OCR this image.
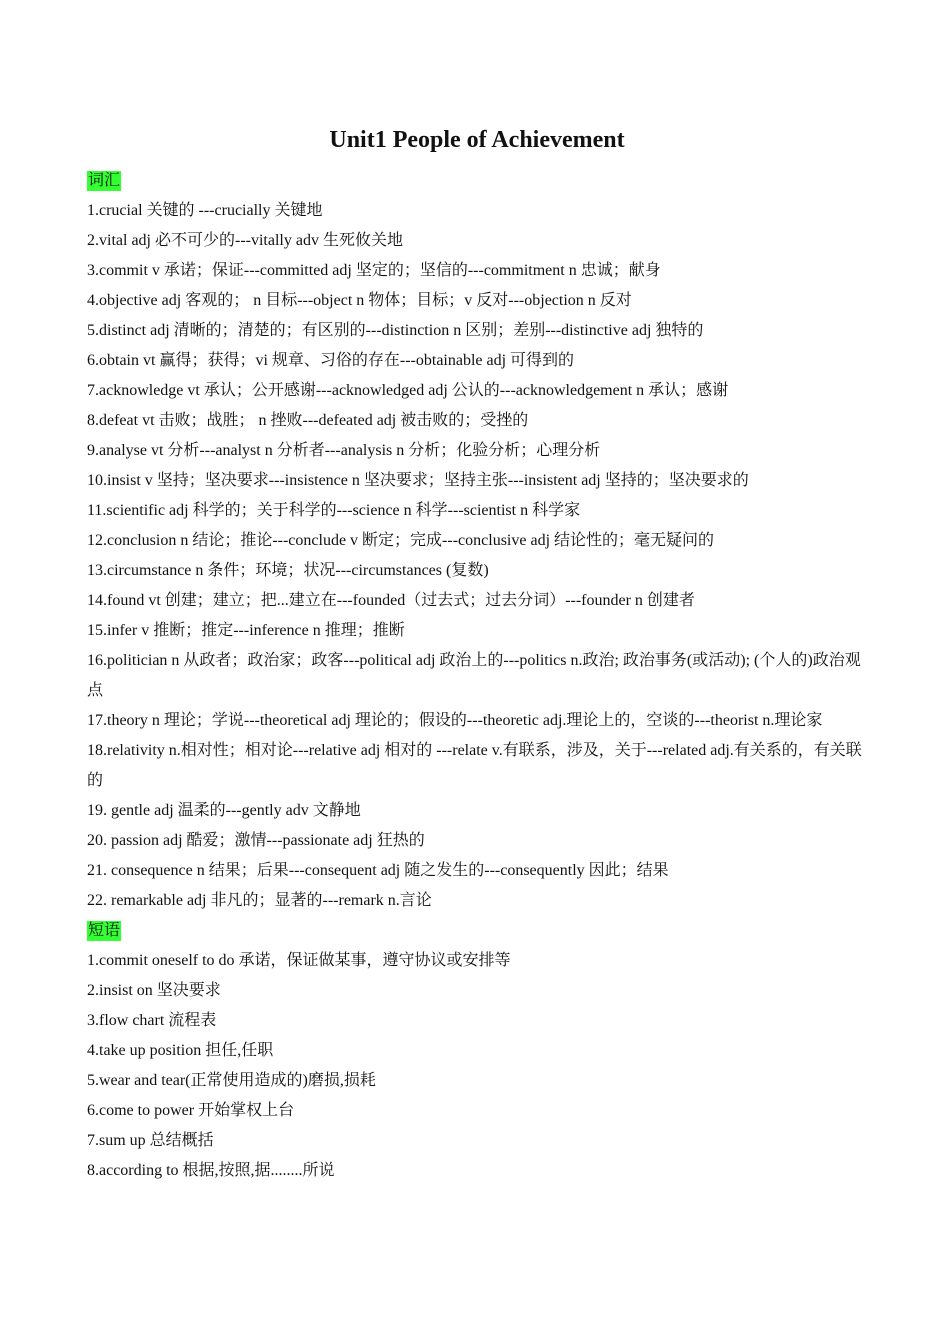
Unit1 People of Achievement
词汇

1.crucial 关键的 ---crucially 关键地

2.vital adj 必不可少的---vitally adv 生死攸关地

3.commit v 承诺；保证---committed adj 坚定的；坚信的---commitment n 忠诚；献身

4.objective adj 客观的； n 目标---object n 物体；目标；v 反对---objection n 反对

5.distinct adj 清晰的；清楚的；有区别的---distinction n 区别；差别---distinctive adj 独特的

6.obtain vt 赢得；获得；vi 规章、习俗的存在---obtainable adj 可得到的

7.acknowledge vt 承认；公开感谢---acknowledged adj 公认的---acknowledgement n 承认；感谢

8.defeat vt 击败；战胜； n 挫败---defeated adj 被击败的；受挫的

9.analyse vt 分析---analyst n 分析者---analysis n 分析；化验分析；心理分析

10.insist v 坚持；坚决要求---insistence n 坚决要求；坚持主张---insistent adj 坚持的；坚决要求的

11.scientific adj 科学的；关于科学的---science n 科学---scientist n 科学家

12.conclusion n 结论；推论---conclude v 断定；完成---conclusive adj 结论性的；毫无疑问的

13.circumstance n 条件；环境；状况---circumstances (复数)

14.found vt 创建；建立；把...建立在---founded（过去式；过去分词）---founder n 创建者

15.infer v 推断；推定---inference n 推理；推断

16.politician n 从政者；政治家；政客---political adj 政治上的---politics n.政治; 政治事务(或活动); (个人的)政治观点

17.theory n 理论；学说---theoretical adj 理论的；假设的---theoretic adj.理论上的，空谈的---theorist n.理论家

18.relativity n.相对性；相对论---relative adj 相对的 ---relate v.有联系，涉及，关于---related adj.有关系的，有关联的

19. gentle adj 温柔的---gently adv 文静地

20. passion adj 酷爱；激情---passionate adj 狂热的

21. consequence n 结果；后果---consequent adj 随之发生的---consequently 因此；结果

22. remarkable adj 非凡的；显著的---remark n.言论

短语

1.commit oneself to do 承诺，保证做某事，遵守协议或安排等

2.insist on 坚决要求

3.flow chart 流程表

4.take up position 担任,任职

5.wear and tear(正常使用造成的)磨损,损耗

6.come to power 开始掌权上台

7.sum up 总结概括

8.according to 根据,按照,据........所说
